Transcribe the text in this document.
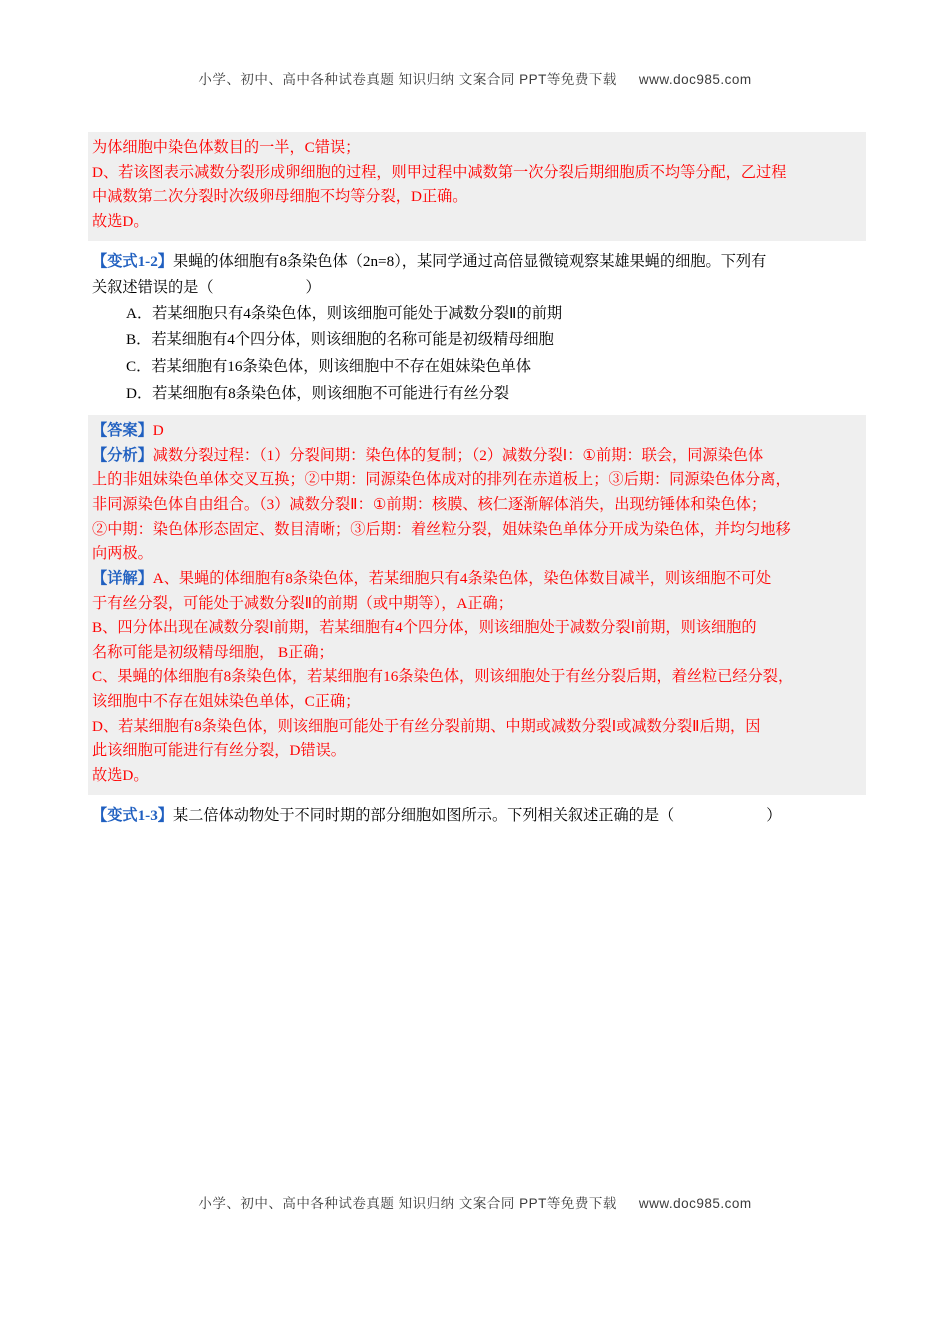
小学、初中、高中各种试卷真题 知识归纳 文案合同 PPT等免费下载 www.doc985.com

为体细胞中染色体数目的一半，C错误；

D、若该图表示减数分裂形成卵细胞的过程，则甲过程中减数第一次分裂后期细胞质不均等分配，乙过程

中减数第二次分裂时次级卵母细胞不均等分裂，D正确。

故选D。

【变式1-2】果蝇的体细胞有8条染色体（2n=8），某同学通过高倍显微镜观察某雄果蝇的细胞。下列有

关叙述错误的是（	）

A．若某细胞只有4条染色体，则该细胞可能处于减数分裂Ⅱ的前期

B．若某细胞有4个四分体，则该细胞的名称可能是初级精母细胞

C．若某细胞有16条染色体，则该细胞中不存在姐妹染色单体

D．若某细胞有8条染色体，则该细胞不可能进行有丝分裂

【答案】D

【分析】减数分裂过程：（1）分裂间期：染色体的复制；（2）减数分裂Ⅰ：①前期：联会，同源染色体

上的非姐妹染色单体交叉互换；②中期：同源染色体成对的排列在赤道板上；③后期：同源染色体分离，

非同源染色体自由组合。（3）减数分裂Ⅱ：①前期：核膜、核仁逐渐解体消失，出现纺锤体和染色体；

②中期：染色体形态固定、数目清晰；③后期：着丝粒分裂，姐妹染色单体分开成为染色体，并均匀地移

向两极。

【详解】A、果蝇的体细胞有8条染色体，若某细胞只有4条染色体，染色体数目减半，则该细胞不可处

于有丝分裂，可能处于减数分裂Ⅱ的前期（或中期等），A正确；

B、四分体出现在减数分裂Ⅰ前期，若某细胞有4个四分体，则该细胞处于减数分裂Ⅰ前期，则该细胞的

名称可能是初级精母细胞， B正确；

C、果蝇的体细胞有8条染色体，若某细胞有16条染色体，则该细胞处于有丝分裂后期，着丝粒已经分裂，

该细胞中不存在姐妹染色单体，C正确；

D、若某细胞有8条染色体，则该细胞可能处于有丝分裂前期、中期或减数分裂Ⅰ或减数分裂Ⅱ后期，因

此该细胞可能进行有丝分裂，D错误。

故选D。

【变式1-3】某二倍体动物处于不同时期的部分细胞如图所示。下列相关叙述正确的是（	）

小学、初中、高中各种试卷真题 知识归纳 文案合同 PPT等免费下载 www.doc985.com
